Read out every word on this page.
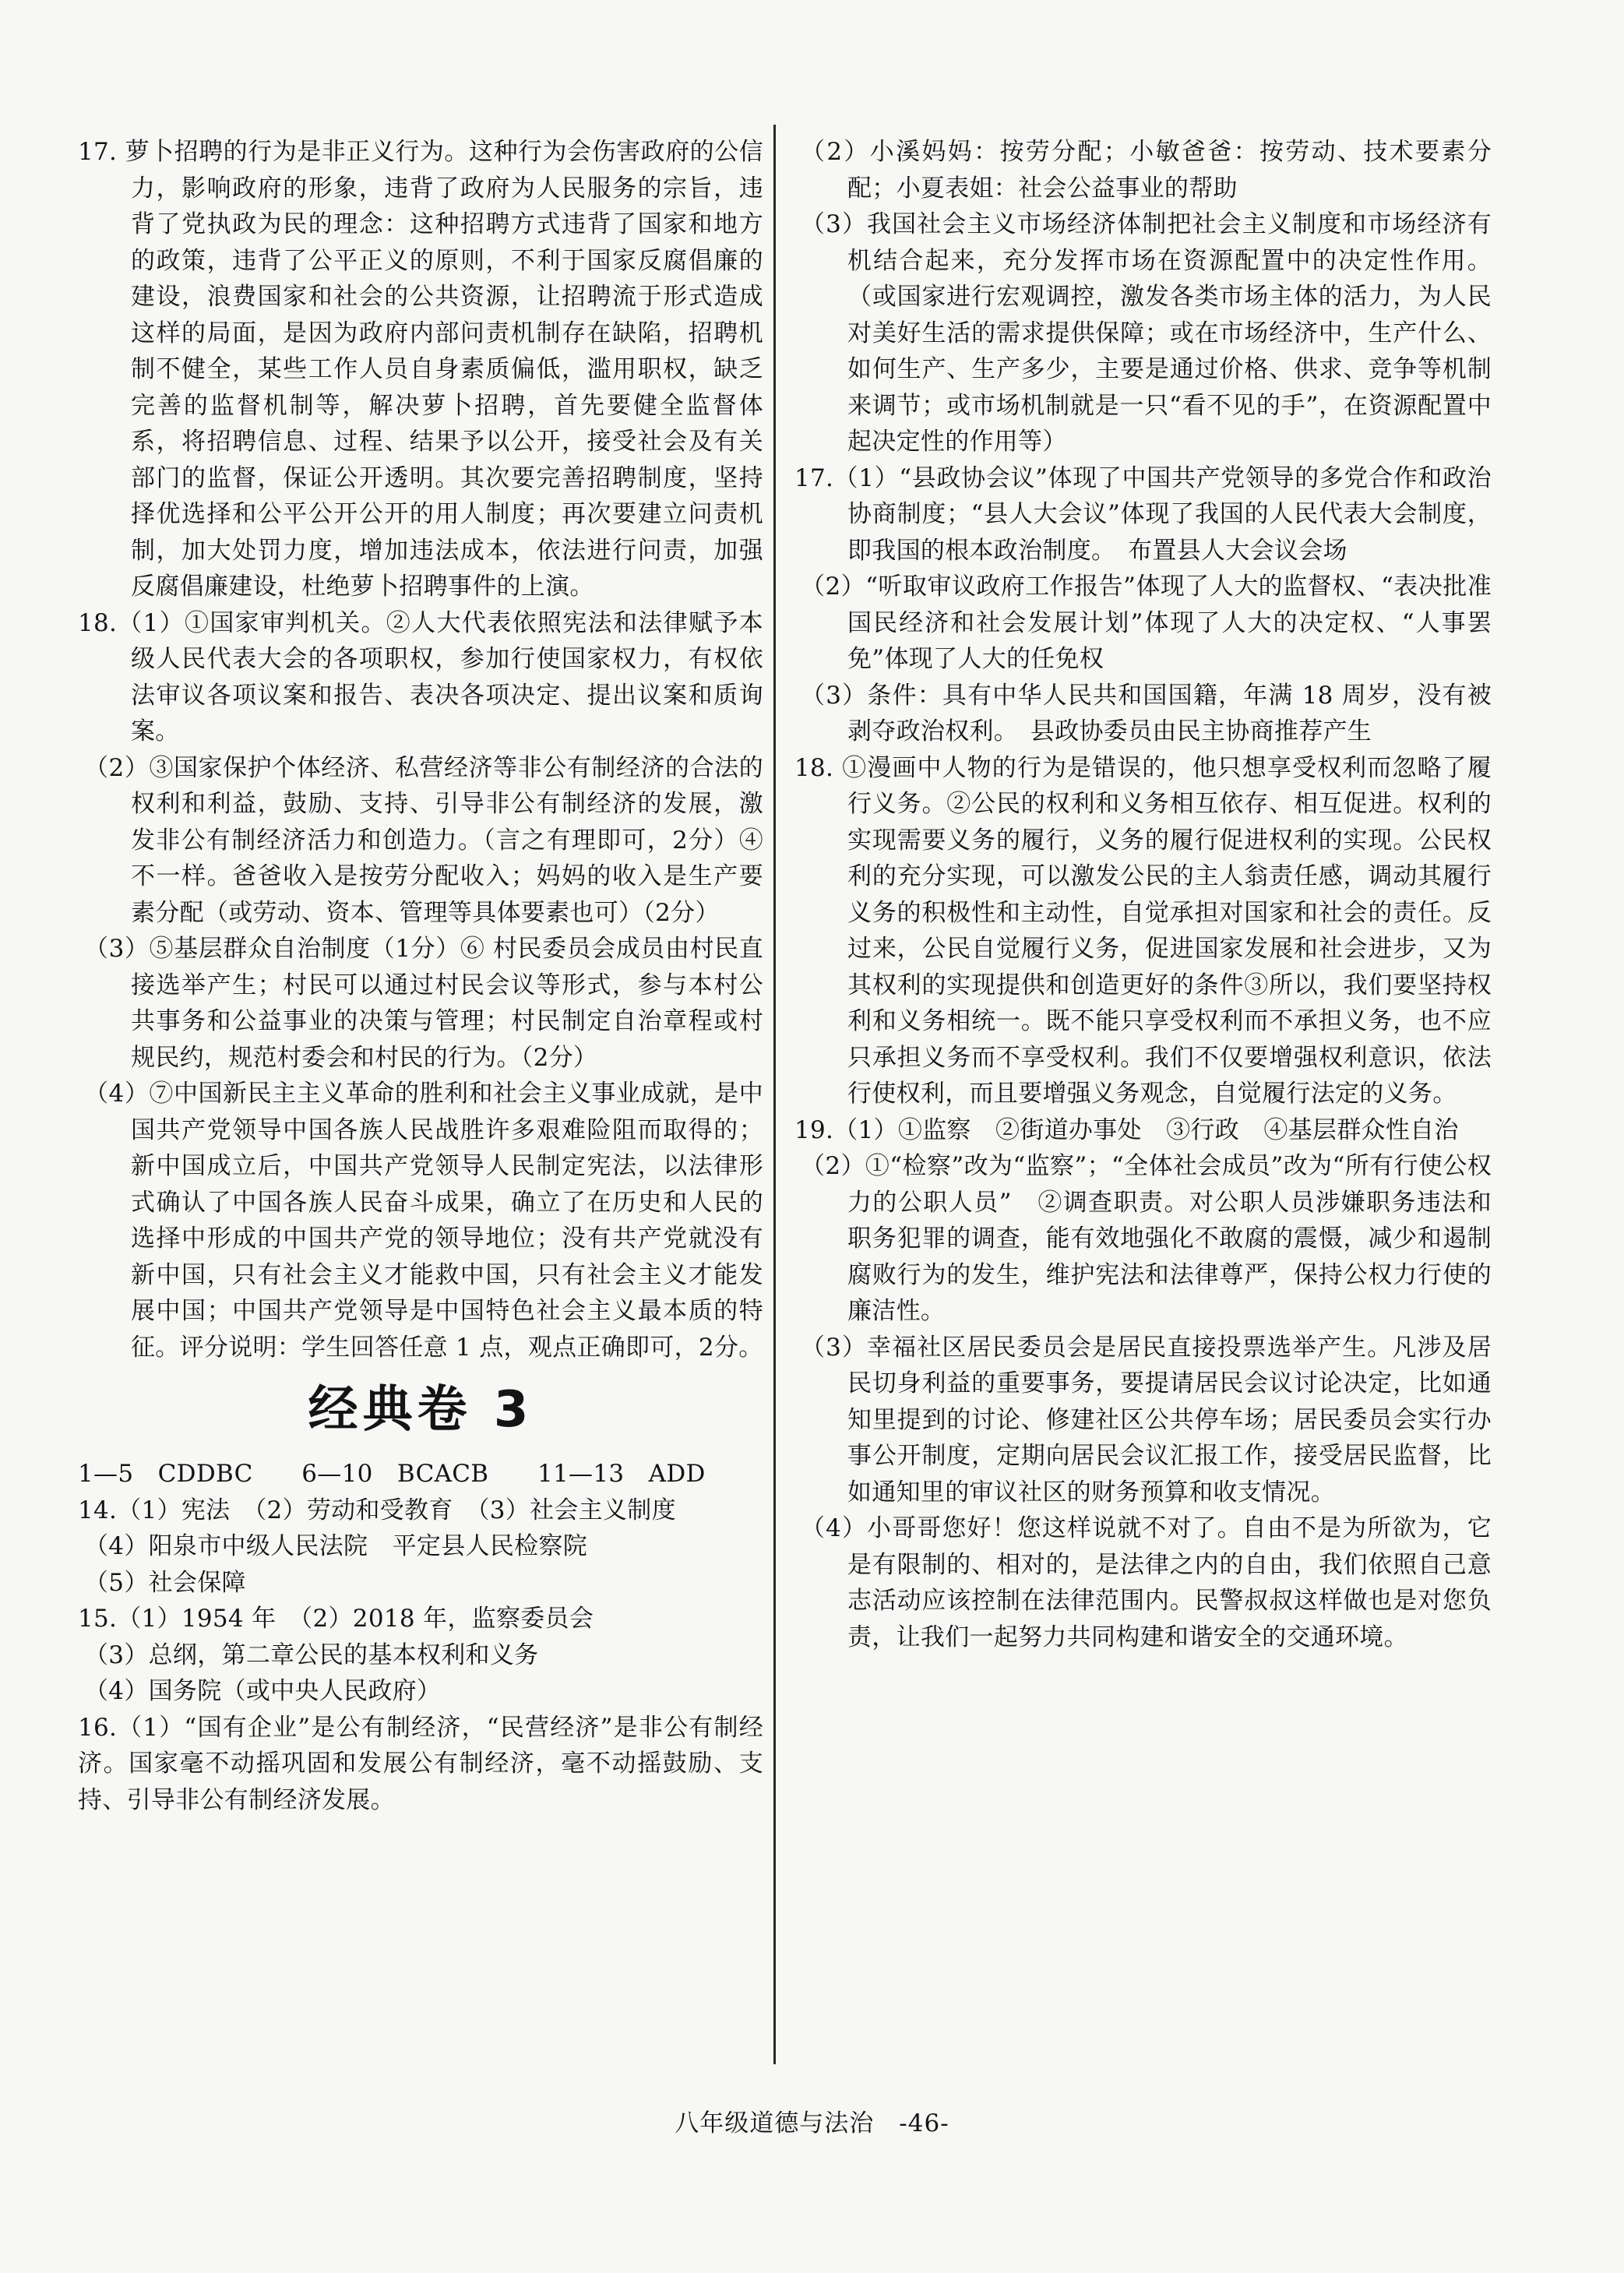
17. 萝卜招聘的行为是非正义行为。这种行为会伤害政府的公信力，影响政府的形象，违背了政府为人民服务的宗旨，违背了党执政为民的理念：这种招聘方式违背了国家和地方的政策，违背了公平正义的原则，不利于国家反腐倡廉的建设，浪费国家和社会的公共资源，让招聘流于形式造成这样的局面，是因为政府内部问责机制存在缺陷，招聘机制不健全，某些工作人员自身素质偏低，滥用职权，缺乏完善的监督机制等，解决萝卜招聘，首先要健全监督体系，将招聘信息、过程、结果予以公开，接受社会及有关部门的监督，保证公开透明。其次要完善招聘制度，坚持择优选择和公平公开公开的用人制度；再次要建立问责机制，加大处罚力度，增加违法成本，依法进行问责，加强反腐倡廉建设，杜绝萝卜招聘事件的上演。

18.（1）①国家审判机关。②人大代表依照宪法和法律赋予本级人民代表大会的各项职权，参加行使国家权力，有权依法审议各项议案和报告、表决各项决定、提出议案和质询案。

（2）③国家保护个体经济、私营经济等非公有制经济的合法的权利和利益，鼓励、支持、引导非公有制经济的发展，激发非公有制经济活力和创造力。（言之有理即可，2分）④不一样。爸爸收入是按劳分配收入；妈妈的收入是生产要素分配（或劳动、资本、管理等具体要素也可）（2分）

（3）⑤基层群众自治制度（1分）⑥ 村民委员会成员由村民直接选举产生；村民可以通过村民会议等形式，参与本村公共事务和公益事业的决策与管理；村民制定自治章程或村规民约，规范村委会和村民的行为。（2分）

（4）⑦中国新民主主义革命的胜利和社会主义事业成就，是中国共产党领导中国各族人民战胜许多艰难险阻而取得的；新中国成立后，中国共产党领导人民制定宪法，以法律形式确认了中国各族人民奋斗成果，确立了在历史和人民的选择中形成的中国共产党的领导地位；没有共产党就没有新中国，只有社会主义才能救中国，只有社会主义才能发展中国；中国共产党领导是中国特色社会主义最本质的特征。评分说明：学生回答任意 1 点，观点正确即可，2分。

经典卷 3

1—5　CDDBC　　6—10　BCACB　　11—13　ADD

14.（1）宪法　（2）劳动和受教育　（3）社会主义制度

（4）阳泉市中级人民法院　平定县人民检察院

（5）社会保障

15.（1）1954 年　（2）2018 年，监察委员会

（3）总纲，第二章公民的基本权利和义务

（4）国务院（或中央人民政府）

16.（1）“国有企业”是公有制经济，“民营经济”是非公有制经济。国家毫不动摇巩固和发展公有制经济，毫不动摇鼓励、支持、引导非公有制经济发展。

（2）小溪妈妈：按劳分配；小敏爸爸：按劳动、技术要素分配；小夏表姐：社会公益事业的帮助

（3）我国社会主义市场经济体制把社会主义制度和市场经济有机结合起来，充分发挥市场在资源配置中的决定性作用。（或国家进行宏观调控，激发各类市场主体的活力，为人民对美好生活的需求提供保障；或在市场经济中，生产什么、如何生产、生产多少，主要是通过价格、供求、竞争等机制来调节；或市场机制就是一只“看不见的手”，在资源配置中起决定性的作用等）

17.（1）“县政协会议”体现了中国共产党领导的多党合作和政治协商制度；“县人大会议”体现了我国的人民代表大会制度，即我国的根本政治制度。　布置县人大会议会场

（2）“听取审议政府工作报告”体现了人大的监督权、“表决批准国民经济和社会发展计划”体现了人大的决定权、“人事罢免”体现了人大的任免权

（3）条件：具有中华人民共和国国籍，年满 18 周岁，没有被剥夺政治权利。　县政协委员由民主协商推荐产生

18. ①漫画中人物的行为是错误的，他只想享受权利而忽略了履行义务。②公民的权利和义务相互依存、相互促进。权利的实现需要义务的履行，义务的履行促进权利的实现。公民权利的充分实现，可以激发公民的主人翁责任感，调动其履行义务的积极性和主动性，自觉承担对国家和社会的责任。反过来，公民自觉履行义务，促进国家发展和社会进步，又为其权利的实现提供和创造更好的条件③所以，我们要坚持权利和义务相统一。既不能只享受权利而不承担义务，也不应只承担义务而不享受权利。我们不仅要增强权利意识，依法行使权利，而且要增强义务观念，自觉履行法定的义务。

19.（1）①监察　②街道办事处　③行政　④基层群众性自治

（2）①“检察”改为“监察”；“全体社会成员”改为“所有行使公权力的公职人员”　②调查职责。对公职人员涉嫌职务违法和职务犯罪的调查，能有效地强化不敢腐的震慑，减少和遏制腐败行为的发生，维护宪法和法律尊严，保持公权力行使的廉洁性。

（3）幸福社区居民委员会是居民直接投票选举产生。凡涉及居民切身利益的重要事务，要提请居民会议讨论决定，比如通知里提到的讨论、修建社区公共停车场；居民委员会实行办事公开制度，定期向居民会议汇报工作，接受居民监督，比如通知里的审议社区的财务预算和收支情况。

（4）小哥哥您好！您这样说就不对了。自由不是为所欲为，它是有限制的、相对的，是法律之内的自由，我们依照自己意志活动应该控制在法律范围内。民警叔叔这样做也是对您负责，让我们一起努力共同构建和谐安全的交通环境。

八年级道德与法治　-46-
